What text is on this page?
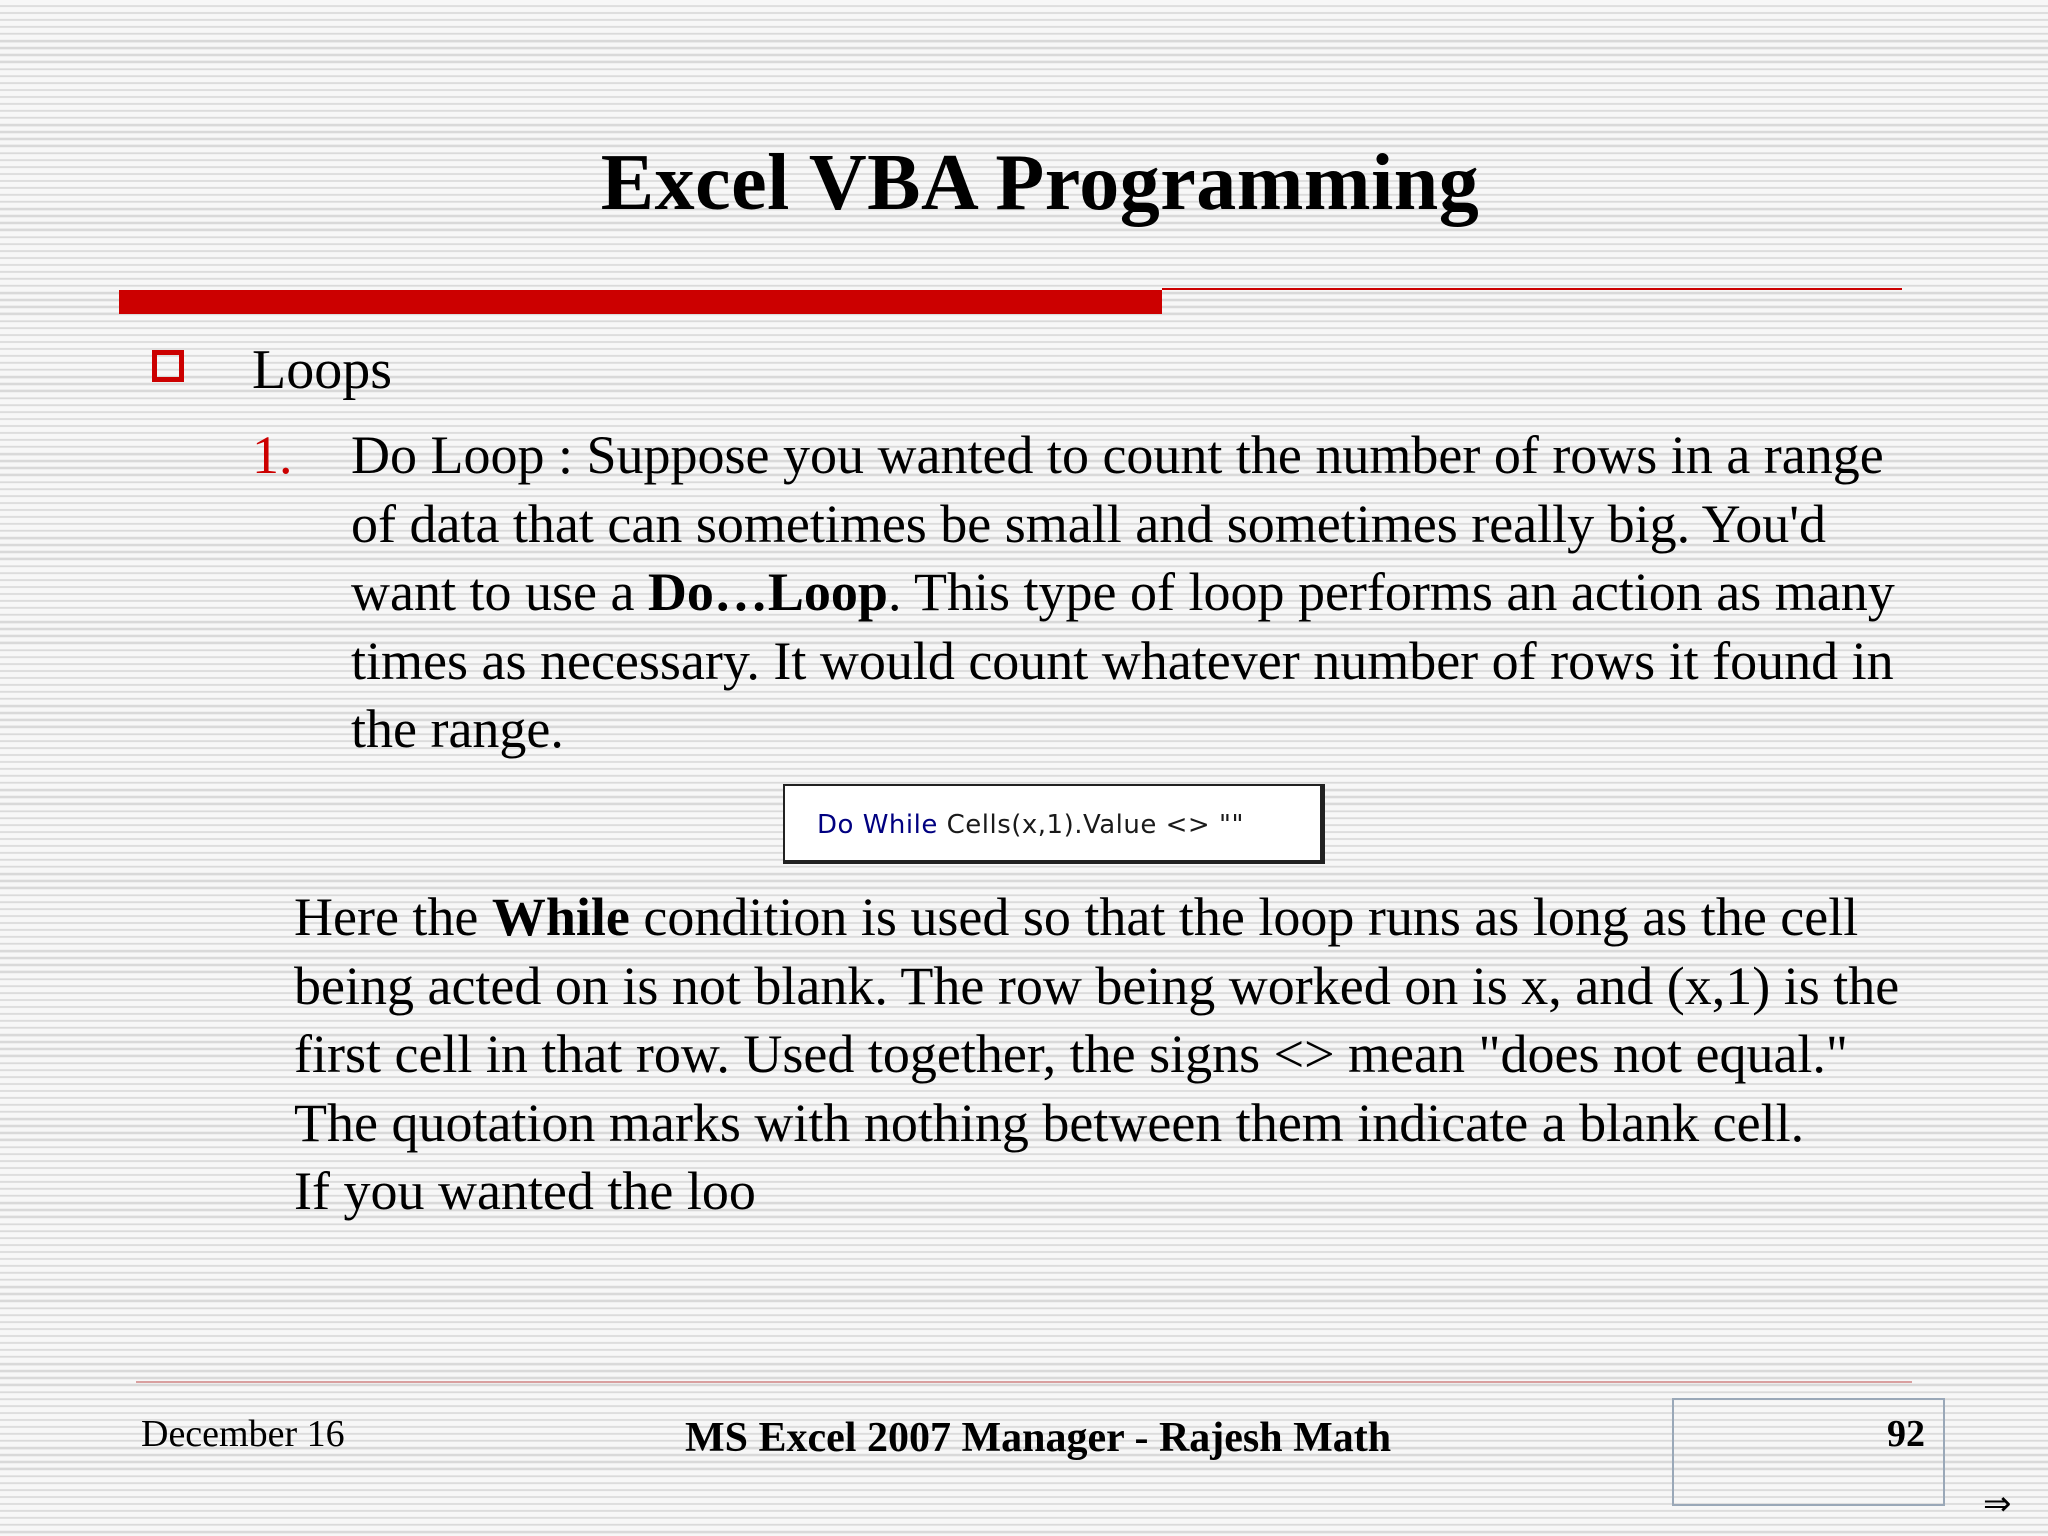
Excel VBA Programming
Loops
1. Do Loop : Suppose you wanted to count the number of rows in a range of data that can sometimes be small and sometimes really big. You'd want to use a Do…Loop. This type of loop performs an action as many times as necessary. It would count whatever number of rows it found in the range.
Do While Cells(x,1).Value <> ""
Here the While condition is used so that the loop runs as long as the cell being acted on is not blank. The row being worked on is x, and (x,1) is the first cell in that row. Used together, the signs <> mean "does not equal." The quotation marks with nothing between them indicate a blank cell.
If you wanted the loo
December 16	MS Excel 2007 Manager - Rajesh Math	92
⇒
